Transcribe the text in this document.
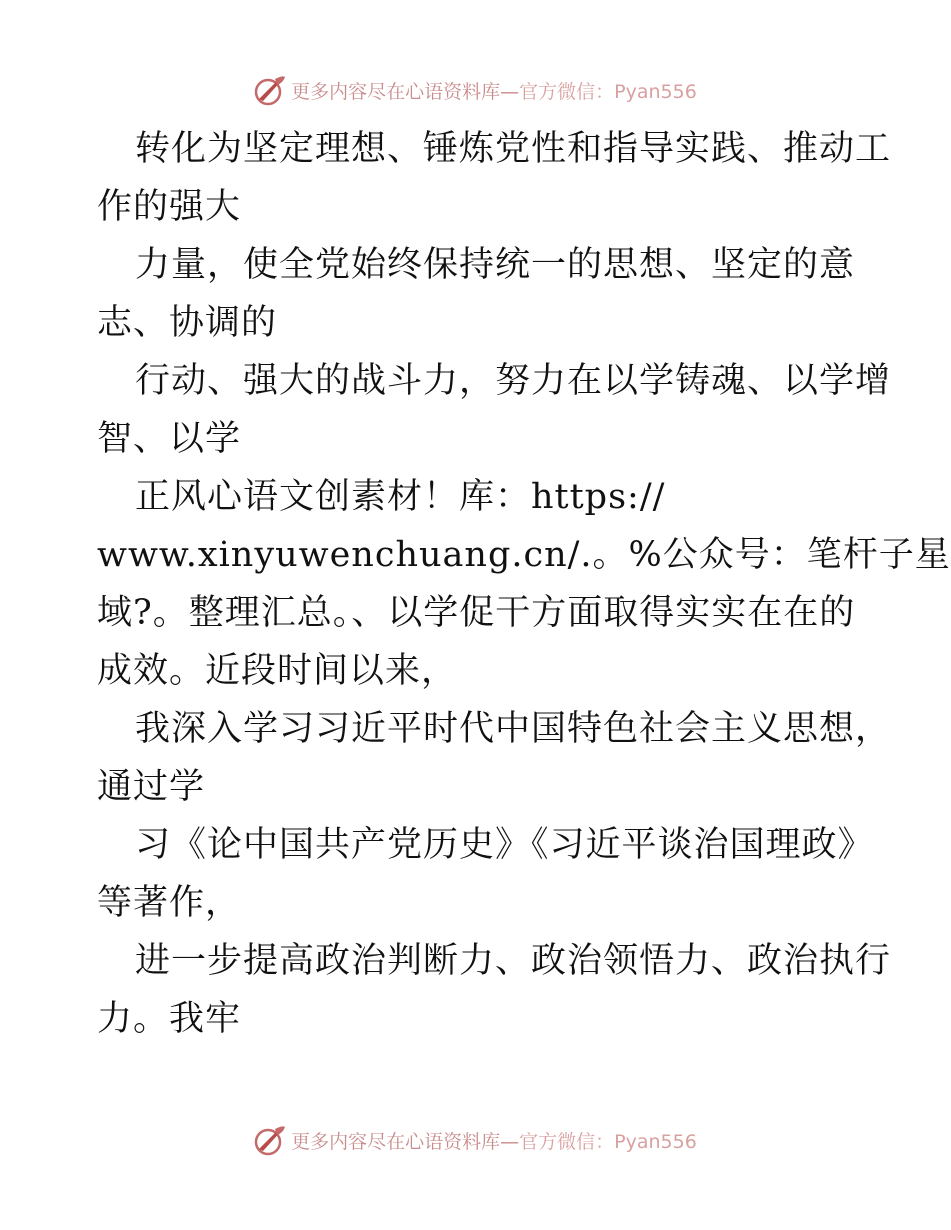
更多内容尽在心语资料库—官方微信：Pyan556
转化为坚定理想、锤炼党性和指导实践、推动工
作的强大
力量，使全党始终保持统一的思想、坚定的意
志、协调的
行动、强大的战斗力，努力在以学铸魂、以学增
智、以学
正风心语文创素材！库：https://
www.xinyuwenchuang.cn/.。%公众号：笔杆子星
域?。整理汇总。、以学促干方面取得实实在在的
成效。近段时间以来，
我深入学习习近平时代中国特色社会主义思想，
通过学
习《论中国共产党历史》《习近平谈治国理政》
等著作，
进一步提高政治判断力、政治领悟力、政治执行
力。我牢
更多内容尽在心语资料库—官方微信：Pyan556
